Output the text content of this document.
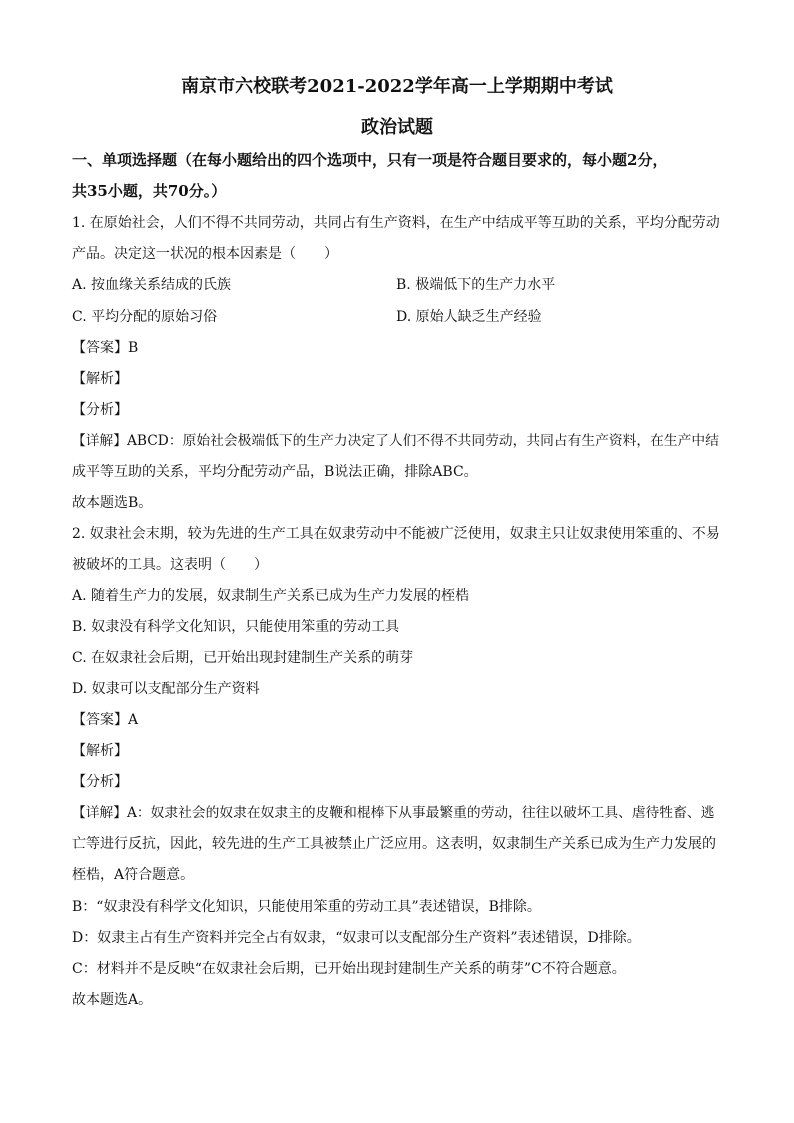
南京市六校联考2021-2022学年高一上学期期中考试
政治试题
一、单项选择题（在每小题给出的四个选项中，只有一项是符合题目要求的，每小题2分，
共35小题，共70分。）
1. 在原始社会，人们不得不共同劳动，共同占有生产资料，在生产中结成平等互助的关系，平均分配劳动
产品。决定这一状况的根本因素是（　　）
A. 按血缘关系结成的氏族	B. 极端低下的生产力水平
C. 平均分配的原始习俗	D. 原始人缺乏生产经验
【答案】B
【解析】
【分析】
【详解】ABCD：原始社会极端低下的生产力决定了人们不得不共同劳动，共同占有生产资料，在生产中结
成平等互助的关系，平均分配劳动产品，B说法正确，排除ABC。
故本题选B。
2. 奴隶社会末期，较为先进的生产工具在奴隶劳动中不能被广泛使用，奴隶主只让奴隶使用笨重的、不易
被破坏的工具。这表明（　　）
A. 随着生产力的发展，奴隶制生产关系已成为生产力发展的桎梏
B. 奴隶没有科学文化知识，只能使用笨重的劳动工具
C. 在奴隶社会后期，已开始出现封建制生产关系的萌芽
D. 奴隶可以支配部分生产资料
【答案】A
【解析】
【分析】
【详解】A：奴隶社会的奴隶在奴隶主的皮鞭和棍棒下从事最繁重的劳动，往往以破坏工具、虐待牲畜、逃
亡等进行反抗，因此，较先进的生产工具被禁止广泛应用。这表明，奴隶制生产关系已成为生产力发展的
桎梏，A符合题意。
B：“奴隶没有科学文化知识，只能使用笨重的劳动工具”表述错误，B排除。
D：奴隶主占有生产资料并完全占有奴隶，“奴隶可以支配部分生产资料”表述错误，D排除。
C：材料并不是反映“在奴隶社会后期，已开始出现封建制生产关系的萌芽”C不符合题意。
故本题选A。
